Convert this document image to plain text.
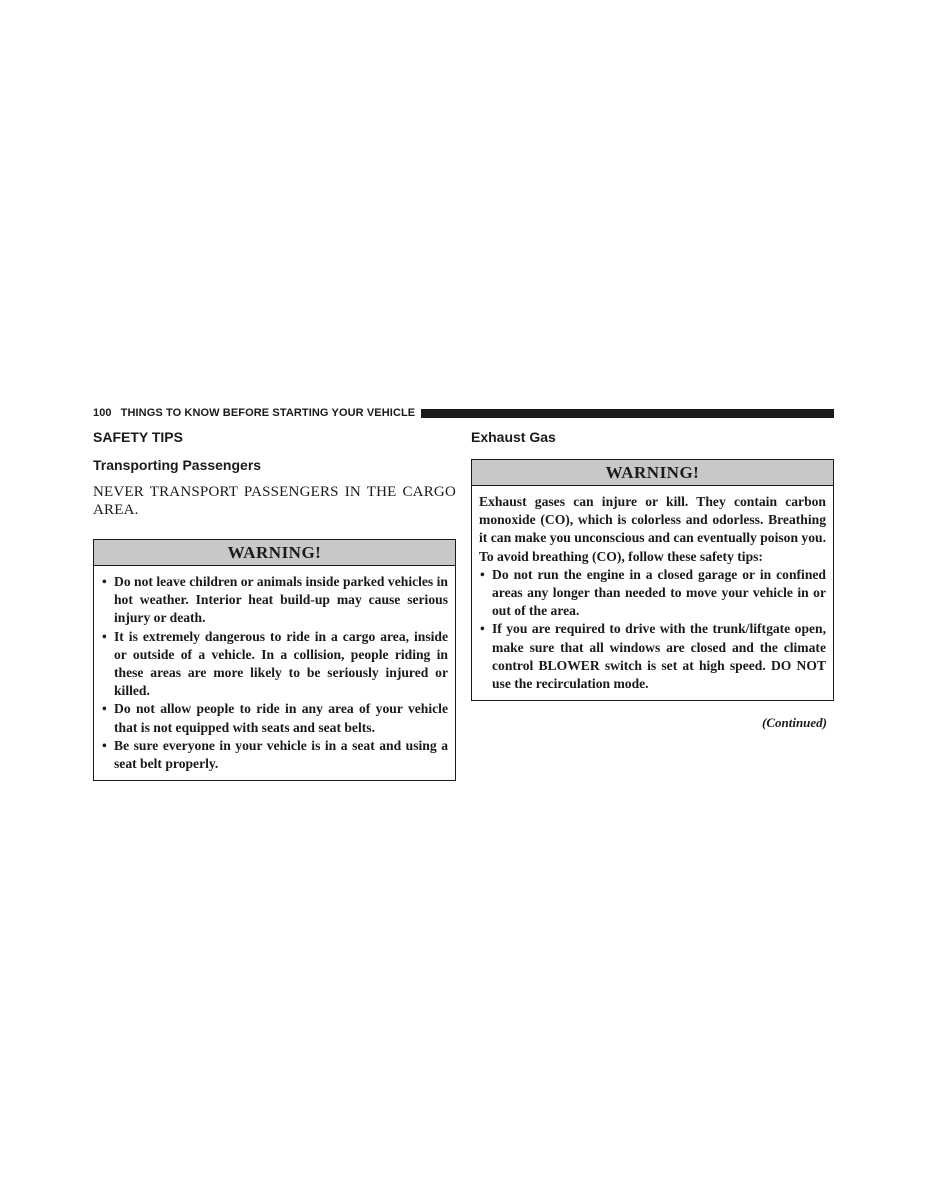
100 THINGS TO KNOW BEFORE STARTING YOUR VEHICLE
SAFETY TIPS
Transporting Passengers

NEVER TRANSPORT PASSENGERS IN THE CARGO AREA.

WARNING!
• Do not leave children or animals inside parked vehicles in hot weather. Interior heat build-up may cause serious injury or death.
• It is extremely dangerous to ride in a cargo area, inside or outside of a vehicle. In a collision, people riding in these areas are more likely to be seriously injured or killed.
• Do not allow people to ride in any area of your vehicle that is not equipped with seats and seat belts.
• Be sure everyone in your vehicle is in a seat and using a seat belt properly.
Exhaust Gas
WARNING!

Exhaust gases can injure or kill. They contain carbon monoxide (CO), which is colorless and odorless. Breathing it can make you unconscious and can eventually poison you. To avoid breathing (CO), follow these safety tips:

• Do not run the engine in a closed garage or in confined areas any longer than needed to move your vehicle in or out of the area.
• If you are required to drive with the trunk/liftgate open, make sure that all windows are closed and the climate control BLOWER switch is set at high speed. DO NOT use the recirculation mode.
(Continued)
